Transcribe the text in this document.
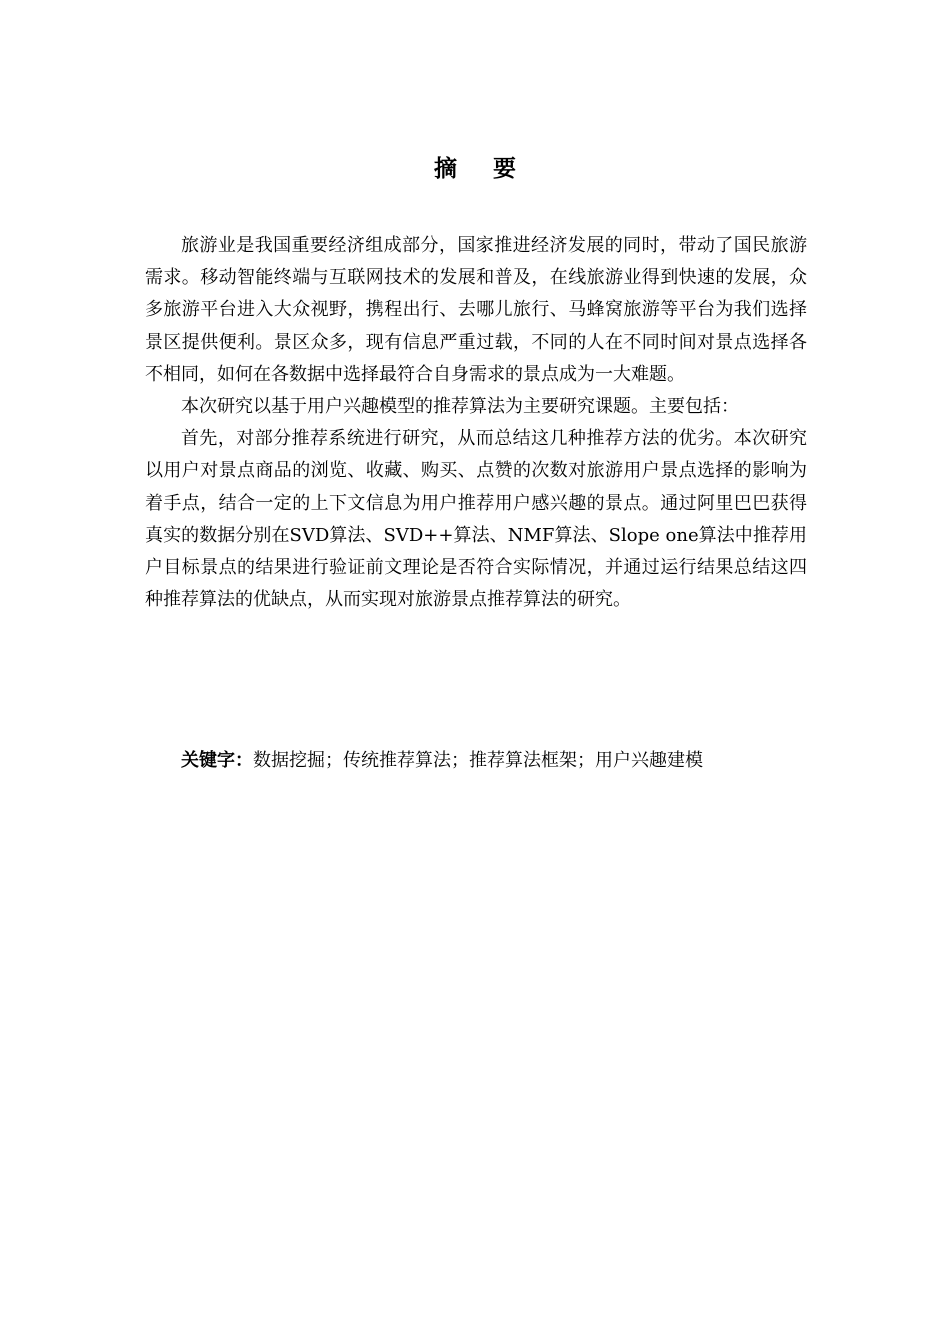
摘 要

旅游业是我国重要经济组成部分，国家推进经济发展的同时，带动了国民旅游需求。移动智能终端与互联网技术的发展和普及，在线旅游业得到快速的发展，众多旅游平台进入大众视野，携程出行、去哪儿旅行、马蜂窝旅游等平台为我们选择景区提供便利。景区众多，现有信息严重过载，不同的人在不同时间对景点选择各不相同，如何在各数据中选择最符合自身需求的景点成为一大难题。

本次研究以基于用户兴趣模型的推荐算法为主要研究课题。主要包括：

首先，对部分推荐系统进行研究，从而总结这几种推荐方法的优劣。本次研究以用户对景点商品的浏览、收藏、购买、点赞的次数对旅游用户景点选择的影响为着手点，结合一定的上下文信息为用户推荐用户感兴趣的景点。通过阿里巴巴获得真实的数据分别在SVD算法、SVD++算法、NMF算法、Slope one算法中推荐用户目标景点的结果进行验证前文理论是否符合实际情况，并通过运行结果总结这四种推荐算法的优缺点，从而实现对旅游景点推荐算法的研究。

关键字：数据挖掘；传统推荐算法；推荐算法框架；用户兴趣建模
